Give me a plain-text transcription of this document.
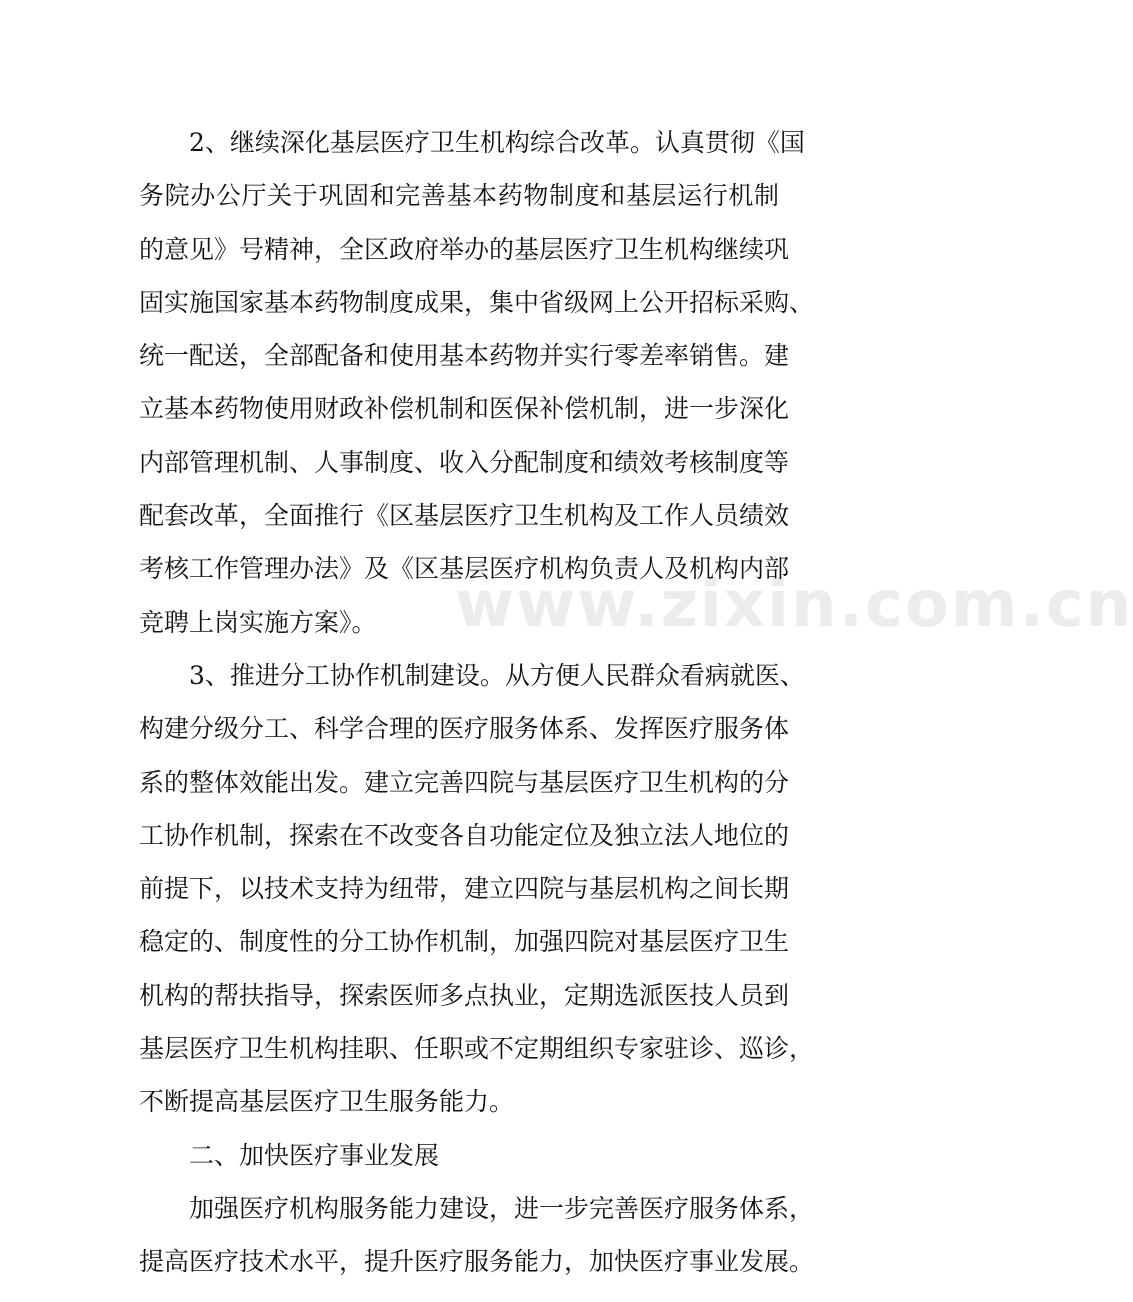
www.zixin.com.cn
2、继续深化基层医疗卫生机构综合改革。认真贯彻《国
务院办公厅关于巩固和完善基本药物制度和基层运行机制
的意见》号精神，全区政府举办的基层医疗卫生机构继续巩
固实施国家基本药物制度成果，集中省级网上公开招标采购、
统一配送，全部配备和使用基本药物并实行零差率销售。建
立基本药物使用财政补偿机制和医保补偿机制，进一步深化
内部管理机制、人事制度、收入分配制度和绩效考核制度等
配套改革，全面推行《区基层医疗卫生机构及工作人员绩效
考核工作管理办法》及《区基层医疗机构负责人及机构内部
竞聘上岗实施方案》。
3、推进分工协作机制建设。从方便人民群众看病就医、
构建分级分工、科学合理的医疗服务体系、发挥医疗服务体
系的整体效能出发。建立完善四院与基层医疗卫生机构的分
工协作机制，探索在不改变各自功能定位及独立法人地位的
前提下，以技术支持为纽带，建立四院与基层机构之间长期
稳定的、制度性的分工协作机制，加强四院对基层医疗卫生
机构的帮扶指导，探索医师多点执业，定期选派医技人员到
基层医疗卫生机构挂职、任职或不定期组织专家驻诊、巡诊，
不断提高基层医疗卫生服务能力。
二、加快医疗事业发展
加强医疗机构服务能力建设，进一步完善医疗服务体系，
提高医疗技术水平，提升医疗服务能力，加快医疗事业发展。
